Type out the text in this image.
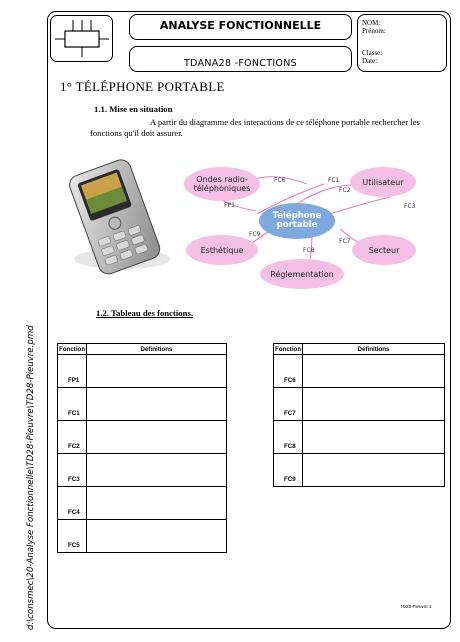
d:\consmec\20-Analyse Fonctionnelle\TD28-Pieuvre\TD28-Pieuvre.pmd
ANALYSE FONCTIONNELLE
TDANA28 -FONCTIONS
NOM:
Prénom:
Classe:
Date:
1° TÉLÉPHONE PORTABLE
1.1. Mise en situation
A partir du diagramme des interactions de ce téléphone portable rechercher les
fonctions qu'il doit assurer.
Ondes radio-téléphoniques
Utilisateur
Téléphone portable
Esthétique	Secteur
Réglementation
FC6	FC1
FC2
FC3
FP1
FC9
FC8
FC7
1.2. Tableau des fonctions.
Fonction	Définitions
FP1	
FC1	
FC2	
FC3	
FC4	
FC5	
Fonction	Définitions
FC6	
FC7	
FC8	
FC9	
TD28-Pieuvre 1
